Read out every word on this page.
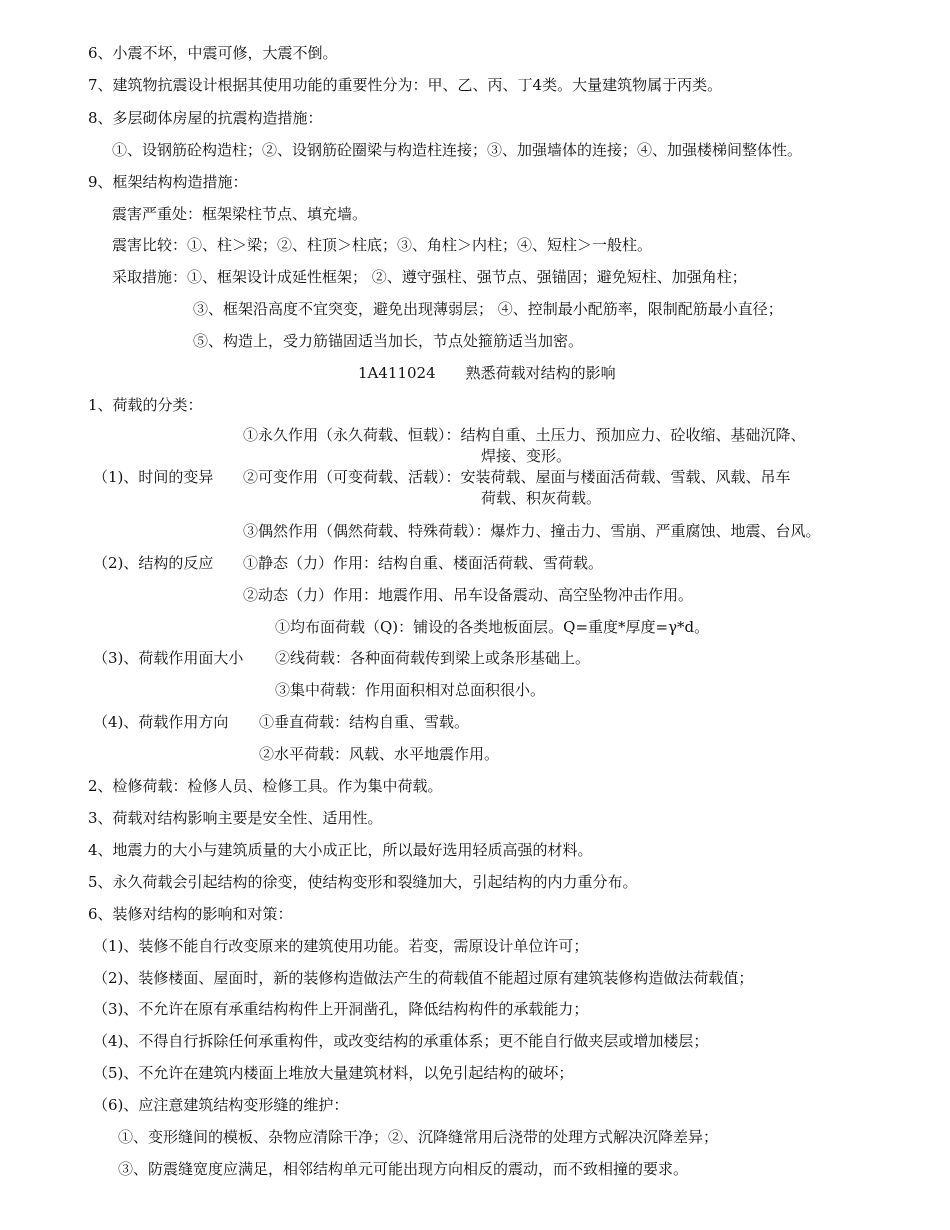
6、小震不坏，中震可修，大震不倒。
7、建筑物抗震设计根据其使用功能的重要性分为：甲、乙、丙、丁4类。大量建筑物属于丙类。
8、多层砌体房屋的抗震构造措施：
①、设钢筋砼构造柱；②、设钢筋砼圈梁与构造柱连接；③、加强墙体的连接；④、加强楼梯间整体性。
9、框架结构构造措施：
震害严重处：框架梁柱节点、填充墙。
震害比较：①、柱＞梁；②、柱顶＞柱底；③、角柱＞内柱；④、短柱＞一般柱。
采取措施：①、框架设计成延性框架； ②、遵守强柱、强节点、强锚固；避免短柱、加强角柱；
③、框架沿高度不宜突变，避免出现薄弱层； ④、控制最小配筋率，限制配筋最小直径；
⑤、构造上，受力筋锚固适当加长，节点处箍筋适当加密。
1A411024　　熟悉荷载对结构的影响
1、荷载的分类：
①永久作用（永久荷载、恒载）：结构自重、土压力、预加应力、砼收缩、基础沉降、
焊接、变形。
（1)、时间的变异 ②可变作用（可变荷载、活载）：安装荷载、屋面与楼面活荷载、雪载、风载、吊车
荷载、积灰荷载。
③偶然作用（偶然荷载、特殊荷载）：爆炸力、撞击力、雪崩、严重腐蚀、地震、台风。
（2)、结构的反应 ①静态（力）作用：结构自重、楼面活荷载、雪荷载。
②动态（力）作用：地震作用、吊车设备震动、高空坠物冲击作用。
①均布面荷载（Q)：铺设的各类地板面层。Q=重度*厚度=γ*d。
（3)、荷载作用面大小 ②线荷载：各种面荷载传到梁上或条形基础上。
③集中荷载：作用面积相对总面积很小。
（4)、荷载作用方向 ①垂直荷载：结构自重、雪载。
②水平荷载：风载、水平地震作用。
2、检修荷载：检修人员、检修工具。作为集中荷载。
3、荷载对结构影响主要是安全性、适用性。
4、地震力的大小与建筑质量的大小成正比，所以最好选用轻质高强的材料。
5、永久荷载会引起结构的徐变，使结构变形和裂缝加大，引起结构的内力重分布。
6、装修对结构的影响和对策：
（1)、装修不能自行改变原来的建筑使用功能。若变，需原设计单位许可；
（2)、装修楼面、屋面时，新的装修构造做法产生的荷载值不能超过原有建筑装修构造做法荷载值；
（3)、不允许在原有承重结构构件上开洞凿孔，降低结构构件的承载能力；
（4)、不得自行拆除任何承重构件，或改变结构的承重体系；更不能自行做夹层或增加楼层；
（5)、不允许在建筑内楼面上堆放大量建筑材料，以免引起结构的破坏；
（6)、应注意建筑结构变形缝的维护：
①、变形缝间的模板、杂物应清除干净；②、沉降缝常用后浇带的处理方式解决沉降差异；
③、防震缝宽度应满足，相邻结构单元可能出现方向相反的震动，而不致相撞的要求。
